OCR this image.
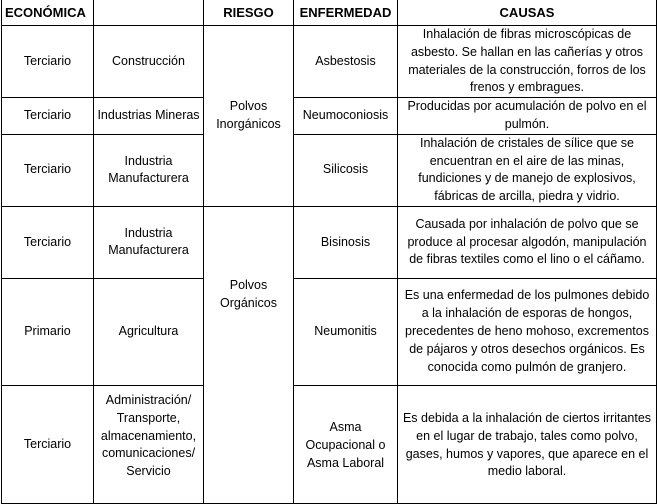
ECONÓMICA		RIESGO	ENFERMEDAD	CAUSAS
Terciario	Construcción	Polvos Inorgánicos	Asbestosis	Inhalación de fibras microscópicas de asbesto. Se hallan en las cañerías y otros materiales de la construcción, forros de los frenos y embragues.
Terciario	Industrias Mineras		Neumoconiosis	Producidas por acumulación de polvo en el pulmón.
Terciario	Industria Manufacturera		Silicosis	Inhalación de cristales de sílice que se encuentran en el aire de las minas, fundiciones y de manejo de explosivos, fábricas de arcilla, piedra y vidrio.
Terciario	Industria Manufacturera	Polvos Orgánicos	Bisinosis	Causada por inhalación de polvo que se produce al procesar algodón, manipulación de fibras textiles como el lino o el cáñamo.
Primario	Agricultura		Neumonitis	Es una enfermedad de los pulmones debido a la inhalación de esporas de hongos, precedentes de heno mohoso, excrementos de pájaros y otros desechos orgánicos. Es conocida como pulmón de granjero.
Terciario	Administración/ Transporte, almacenamiento, comunicaciones/ Servicio		Asma Ocupacional o Asma Laboral	Es debida a la inhalación de ciertos irritantes en el lugar de trabajo, tales como polvo, gases, humos y vapores, que aparece en el medio laboral.
